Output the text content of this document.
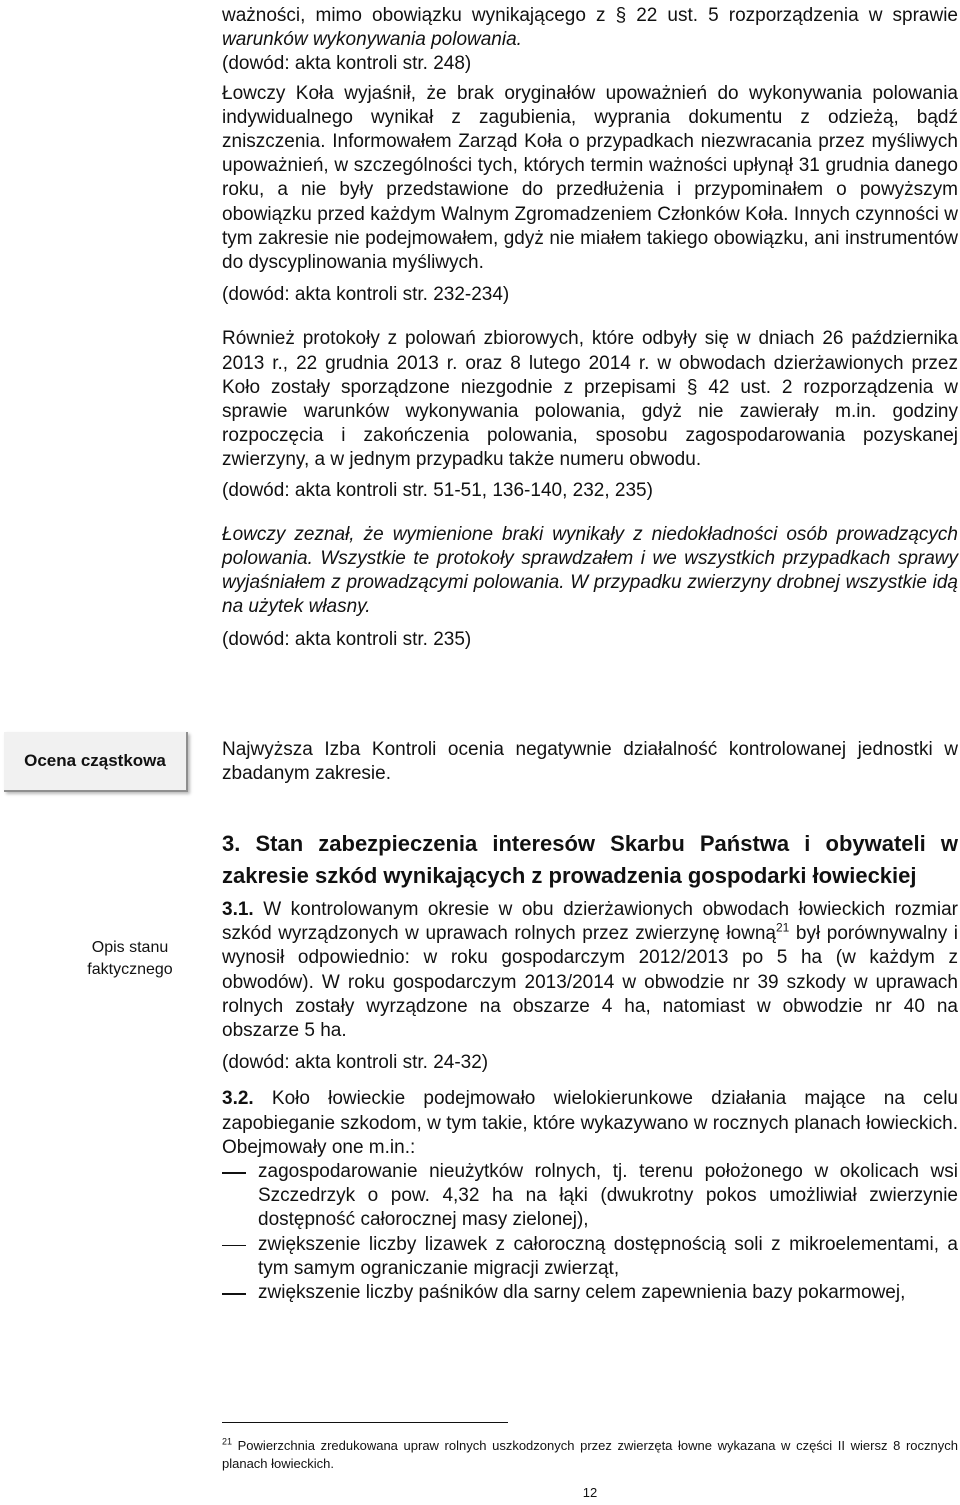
ważności, mimo obowiązku wynikającego z § 22 ust. 5 rozporządzenia w sprawie

warunków wykonywania polowania.

(dowód: akta kontroli str. 248)

Łowczy Koła wyjaśnił, że brak oryginałów upoważnień do wykonywania polowania indywidualnego wynikał z zagubienia, wyprania dokumentu z odzieżą, bądź zniszczenia. Informowałem Zarząd Koła o przypadkach niezwracania przez myśliwych upoważnień, w szczególności tych, których termin ważności upłynął 31 grudnia danego roku, a nie były przedstawione do przedłużenia i przypominałem o powyższym obowiązku przed każdym Walnym Zgromadzeniem Członków Koła. Innych czynności w tym zakresie nie podejmowałem, gdyż nie miałem takiego obowiązku, ani instrumentów do dyscyplinowania myśliwych.

(dowód: akta kontroli str. 232-234)

Również protokoły z polowań zbiorowych, które odbyły się w dniach 26 października 2013 r., 22 grudnia 2013 r. oraz 8 lutego 2014 r. w obwodach dzierżawionych przez Koło zostały sporządzone niezgodnie z przepisami § 42 ust. 2 rozporządzenia w sprawie warunków wykonywania polowania, gdyż nie zawierały m.in. godziny rozpoczęcia i zakończenia polowania, sposobu zagospodarowania pozyskanej zwierzyny, a w jednym przypadku także numeru obwodu.

(dowód: akta kontroli str. 51-51, 136-140, 232, 235)

Łowczy zeznał, że wymienione braki wynikały z niedokładności osób prowadzących polowania. Wszystkie te protokoły sprawdzałem i we wszystkich przypadkach sprawy wyjaśniałem z prowadzącymi polowania. W przypadku zwierzyny drobnej wszystkie idą na użytek własny.

(dowód: akta kontroli str. 235)

Ocena cząstkowa

Najwyższa Izba Kontroli ocenia negatywnie działalność kontrolowanej jednostki w zbadanym zakresie.

Opis stanu faktycznego

3. Stan zabezpieczenia interesów Skarbu Państwa i obywateli w zakresie szkód wynikających z prowadzenia gospodarki łowieckiej

3.1. W kontrolowanym okresie w obu dzierżawionych obwodach łowieckich rozmiar szkód wyrządzonych w uprawach rolnych przez zwierzynę łowną$^{21}$ był porównywalny i wynosił odpowiednio: w roku gospodarczym 2012/2013 po 5 ha (w każdym z obwodów). W roku gospodarczym 2013/2014 w obwodzie nr 39 szkody w uprawach rolnych zostały wyrządzone na obszarze 4 ha, natomiast w obwodzie nr 40 na obszarze 5 ha.

(dowód: akta kontroli str. 24-32)

3.2. Koło łowieckie podejmowało wielokierunkowe działania mające na celu zapobieganie szkodom, w tym takie, które wykazywano w rocznych planach łowieckich. Obejmowały one m.in.:

zagospodarowanie nieużytków rolnych, tj. terenu położonego w okolicach wsi Szczedrzyk o pow. 4,32 ha na łąki (dwukrotny pokos umożliwiał zwierzynie dostępność całorocznej masy zielonej),
zwiększenie liczby lizawek z całoroczną dostępnością soli z mikroelementami, a tym samym ograniczanie migracji zwierząt,
zwiększenie liczby paśników dla sarny celem zapewnienia bazy pokarmowej,
$^{21}$ Powierzchnia zredukowana upraw rolnych uszkodzonych przez zwierzęta łowne wykazana w części II wiersz 8 rocznych planach łowieckich.
12
